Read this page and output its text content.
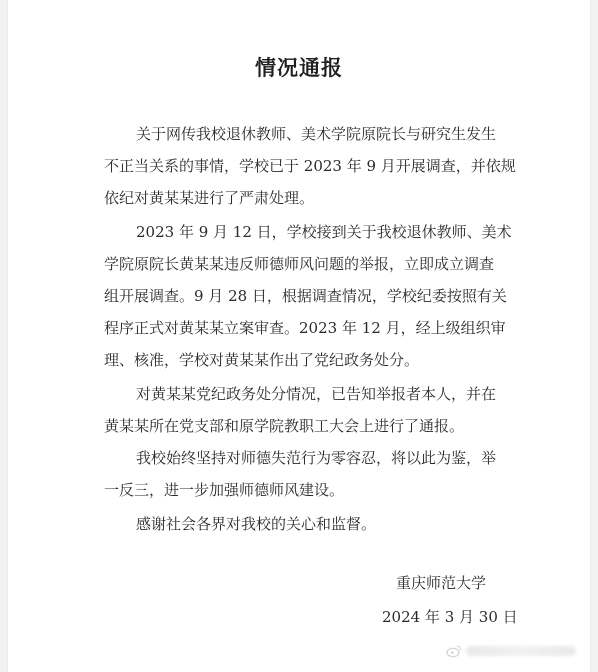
情况通报
关于网传我校退休教师、美术学院原院长与研究生发生
不正当关系的事情，学校已于 2023 年 9 月开展调查，并依规
依纪对黄某某进行了严肃处理。
2023 年 9 月 12 日，学校接到关于我校退休教师、美术
学院原院长黄某某违反师德师风问题的举报，立即成立调查
组开展调查。9 月 28 日，根据调查情况，学校纪委按照有关
程序正式对黄某某立案审查。2023 年 12 月，经上级组织审
理、核准，学校对黄某某作出了党纪政务处分。
对黄某某党纪政务处分情况，已告知举报者本人，并在
黄某某所在党支部和原学院教职工大会上进行了通报。
我校始终坚持对师德失范行为零容忍，将以此为鉴，举
一反三，进一步加强师德师风建设。
感谢社会各界对我校的关心和监督。
重庆师范大学
2024 年 3 月 30 日
